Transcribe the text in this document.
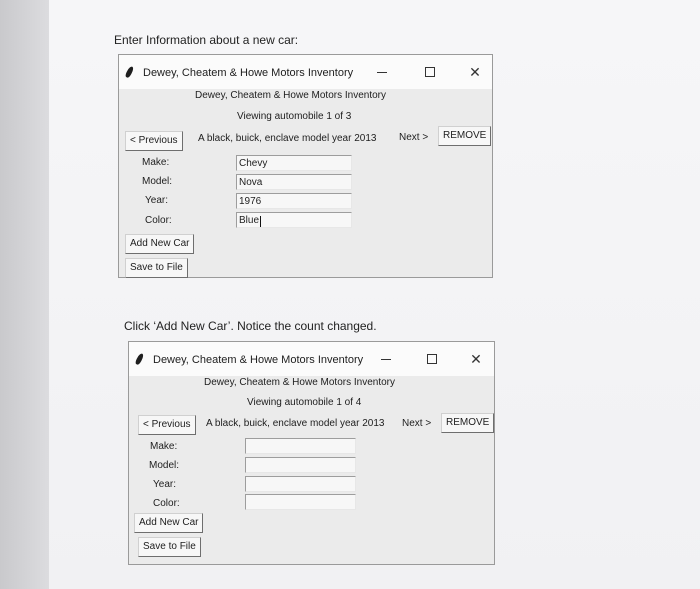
Enter Information about a new car:
Dewey, Cheatem & Howe Motors Inventory	✕
Dewey, Cheatem & Howe Motors Inventory
Viewing automobile 1 of 3
< Previous	A black, buick, enclave model year 2013	Next >	REMOVE
Make:	Chevy
Model:	Nova
Year:	1976
Color:	Blue
Add New Car
Save to File
Click ‘Add New Car’. Notice the count changed.
Dewey, Cheatem & Howe Motors Inventory	✕
Dewey, Cheatem & Howe Motors Inventory
Viewing automobile 1 of 4
< Previous	A black, buick, enclave model year 2013	Next >	REMOVE
Make:
Model:
Year:
Color:
Add New Car
Save to File
